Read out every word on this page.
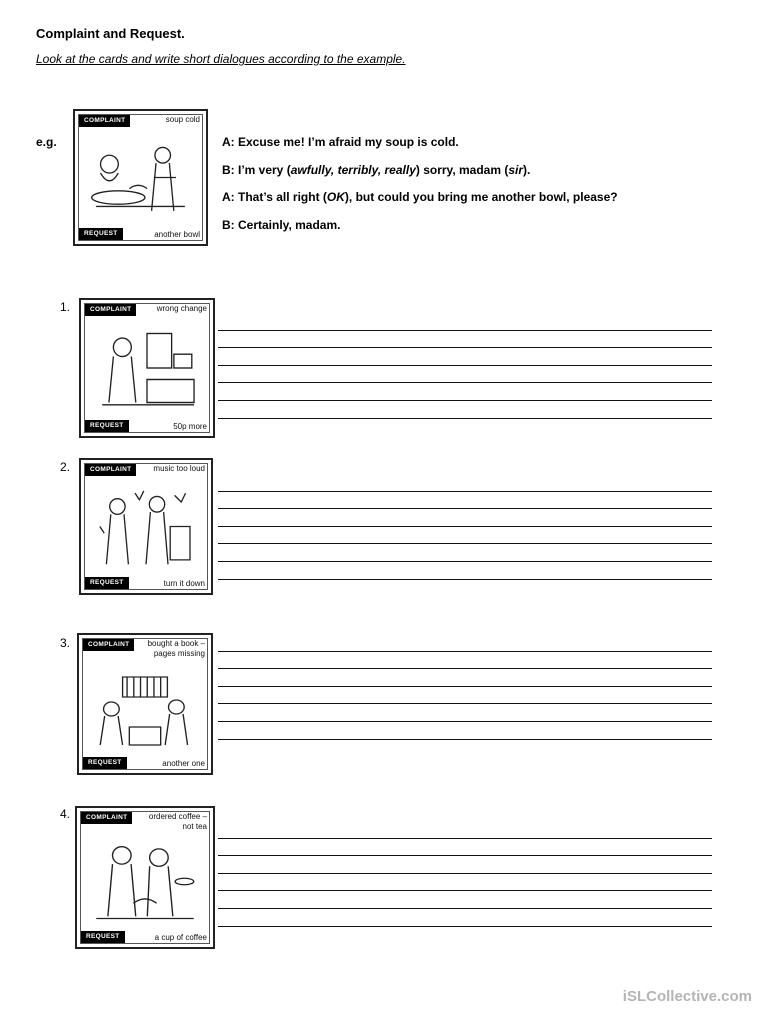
Complaint and Request.
Look at the cards and write short dialogues according to the example.
e.g.
COMPLAINT	soup cold
REQUEST	another bowl
A: Excuse me! I’m afraid my soup is cold.
B: I’m very (awfully, terribly, really) sorry, madam (sir).
A: That’s all right (OK), but could you bring me another bowl, please?
B: Certainly, madam.
1.	COMPLAINT	wrong change
REQUEST	50p more
2.	COMPLAINT	music too loud
REQUEST	turn it down
3.	COMPLAINT	bought a book – pages missing
REQUEST	another one
4.	COMPLAINT	ordered coffee – not tea
REQUEST	a cup of coffee
iSLCollective.com
